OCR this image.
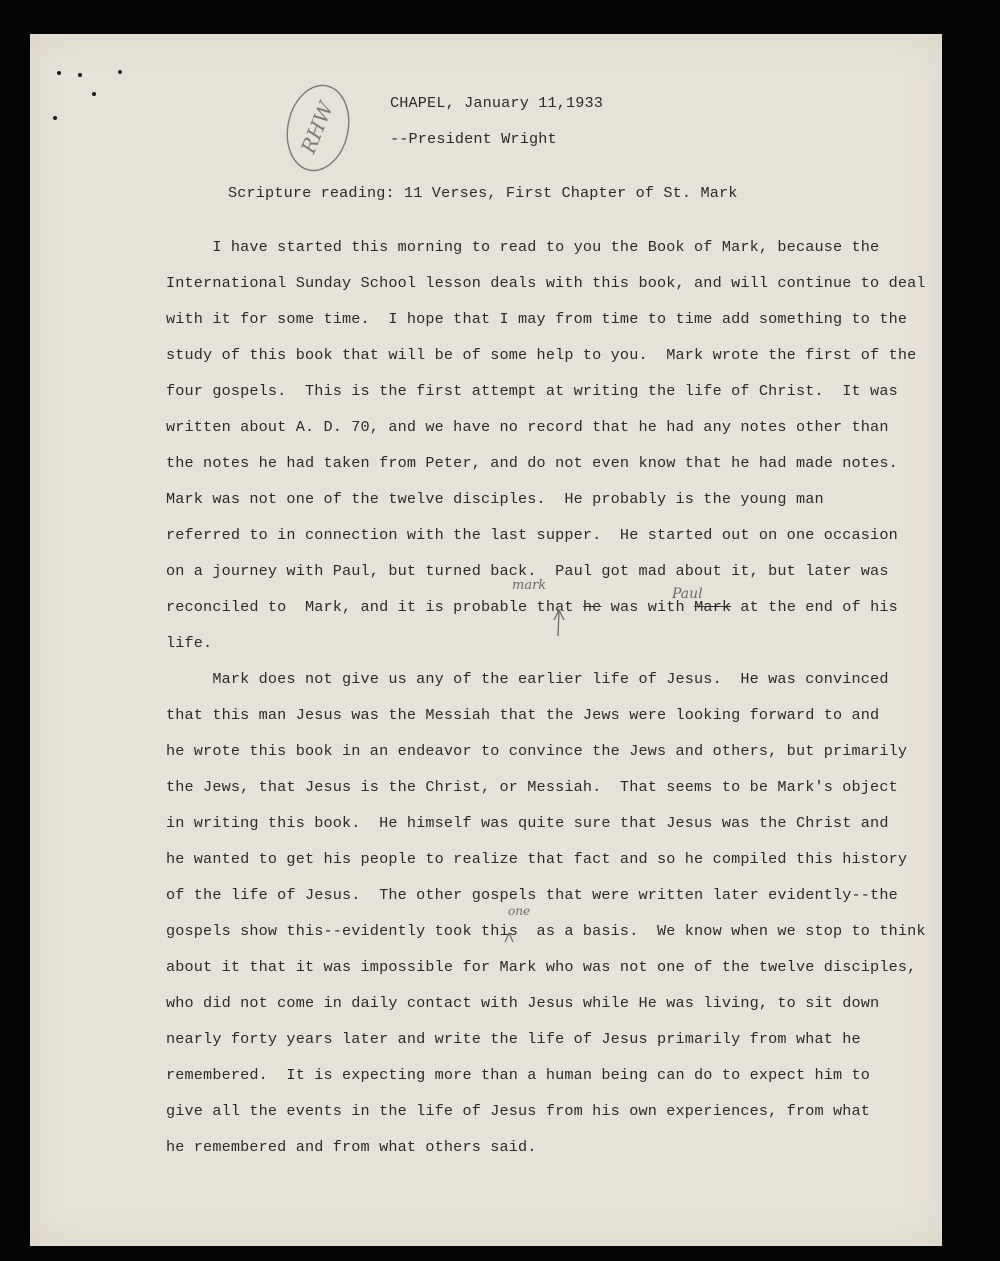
RHW	CHAPEL, January 11,1933
--President Wright
Scripture reading: 11 Verses, First Chapter of St. Mark
I have started this morning to read to you the Book of Mark, because the
International Sunday School lesson deals with this book, and will continue to deal
with it for some time.  I hope that I may from time to time add something to the
study of this book that will be of some help to you.  Mark wrote the first of the
four gospels.  This is the first attempt at writing the life of Christ.  It was
written about A. D. 70, and we have no record that he had any notes other than
the notes he had taken from Peter, and do not even know that he had made notes.
Mark was not one of the twelve disciples.  He probably is the young man
referred to in connection with the last supper.  He started out on one occasion
on a journey with Paul, but turned back.  Paul got mad about it, but later was
reconciled to  Mark, and it is probable that he was with Mark at the end of his
mark
Paul
life.
Mark does not give us any of the earlier life of Jesus.  He was convinced
that this man Jesus was the Messiah that the Jews were looking forward to and
he wrote this book in an endeavor to convince the Jews and others, but primarily
the Jews, that Jesus is the Christ, or Messiah.  That seems to be Mark's object
in writing this book.  He himself was quite sure that Jesus was the Christ and
he wanted to get his people to realize that fact and so he compiled this history
of the life of Jesus.  The other gospels that were written later evidently--the
gospels show this--evidently took this  as a basis.  We know when we stop to think
one
about it that it was impossible for Mark who was not one of the twelve disciples,
who did not come in daily contact with Jesus while He was living, to sit down
nearly forty years later and write the life of Jesus primarily from what he
remembered.  It is expecting more than a human being can do to expect him to
give all the events in the life of Jesus from his own experiences, from what
he remembered and from what others said.
